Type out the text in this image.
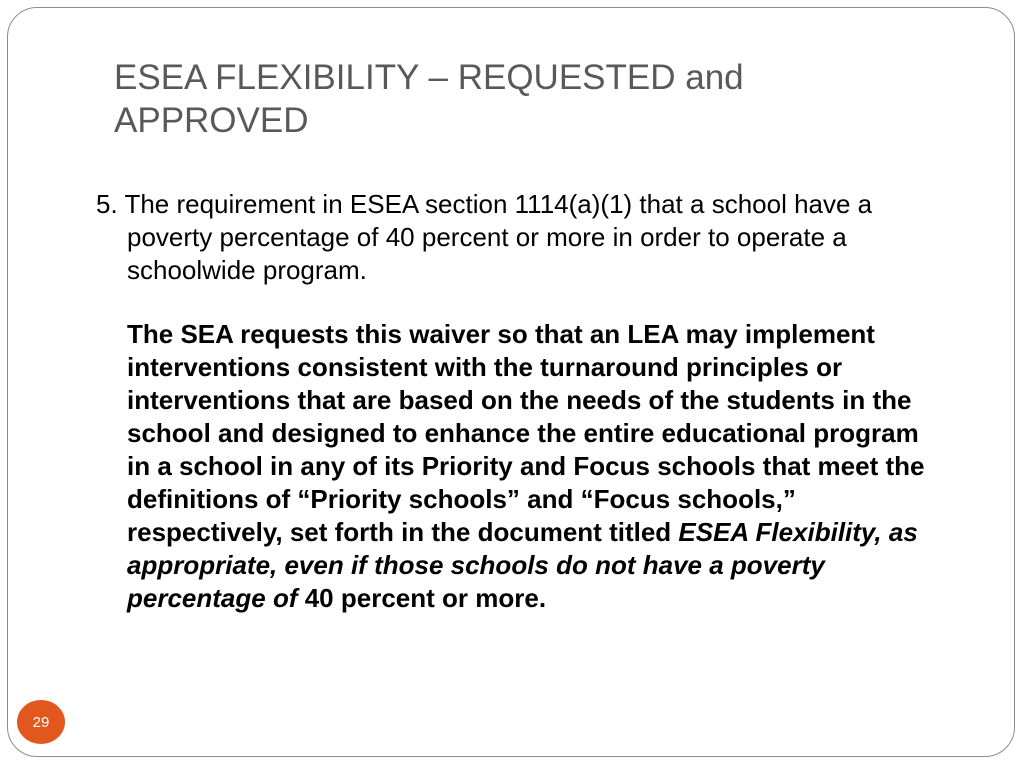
ESEA FLEXIBILITY – REQUESTED and APPROVED

5. The requirement in ESEA section 1114(a)(1) that a school have a poverty percentage of 40 percent or more in order to operate a schoolwide program.

The SEA requests this waiver so that an LEA may implement interventions consistent with the turnaround principles or interventions that are based on the needs of the students in the school and designed to enhance the entire educational program in a school in any of its Priority and Focus schools that meet the definitions of “Priority schools” and “Focus schools,” respectively, set forth in the document titled ESEA Flexibility, as appropriate, even if those schools do not have a poverty percentage of 40 percent or more.

29
